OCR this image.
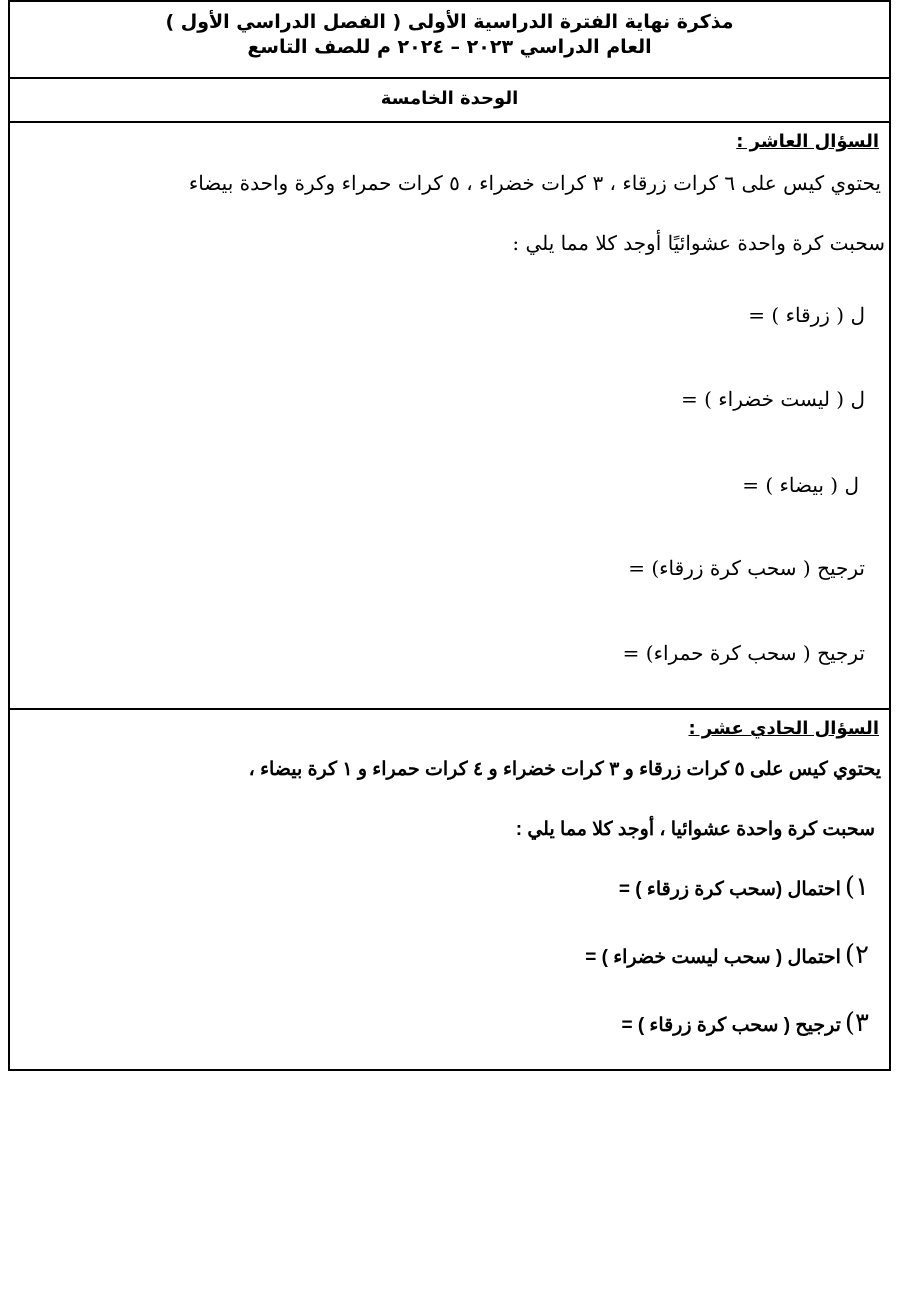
مذكرة نهاية الفترة الدراسية الأولى ( الفصل الدراسي الأول )
العام الدراسي ٢٠٢٣ – ٢٠٢٤ م للصف التاسع
الوحدة الخامسة
السؤال العاشر :
يحتوي كيس على ٦ كرات زرقاء ، ٣ كرات خضراء ، ٥ كرات حمراء وكرة واحدة بيضاء
سحبت كرة واحدة عشوائيًا أوجد كلا مما يلي :
ل ( زرقاء ) =
ل ( ليست خضراء ) =
ل ( بيضاء ) =
ترجيح ( سحب كرة زرقاء) =
ترجيح ( سحب كرة حمراء) =
السؤال الحادي عشر :
يحتوي كيس على ٥ كرات زرقاء و ٣ كرات خضراء و ٤ كرات حمراء و ١ كرة بيضاء ،
سحبت كرة واحدة عشوائيا ، أوجد كلا مما يلي :
١)احتمال (سحب كرة زرقاء ) =
٢)احتمال ( سحب ليست خضراء ) =
٣)ترجيح ( سحب كرة زرقاء ) =
